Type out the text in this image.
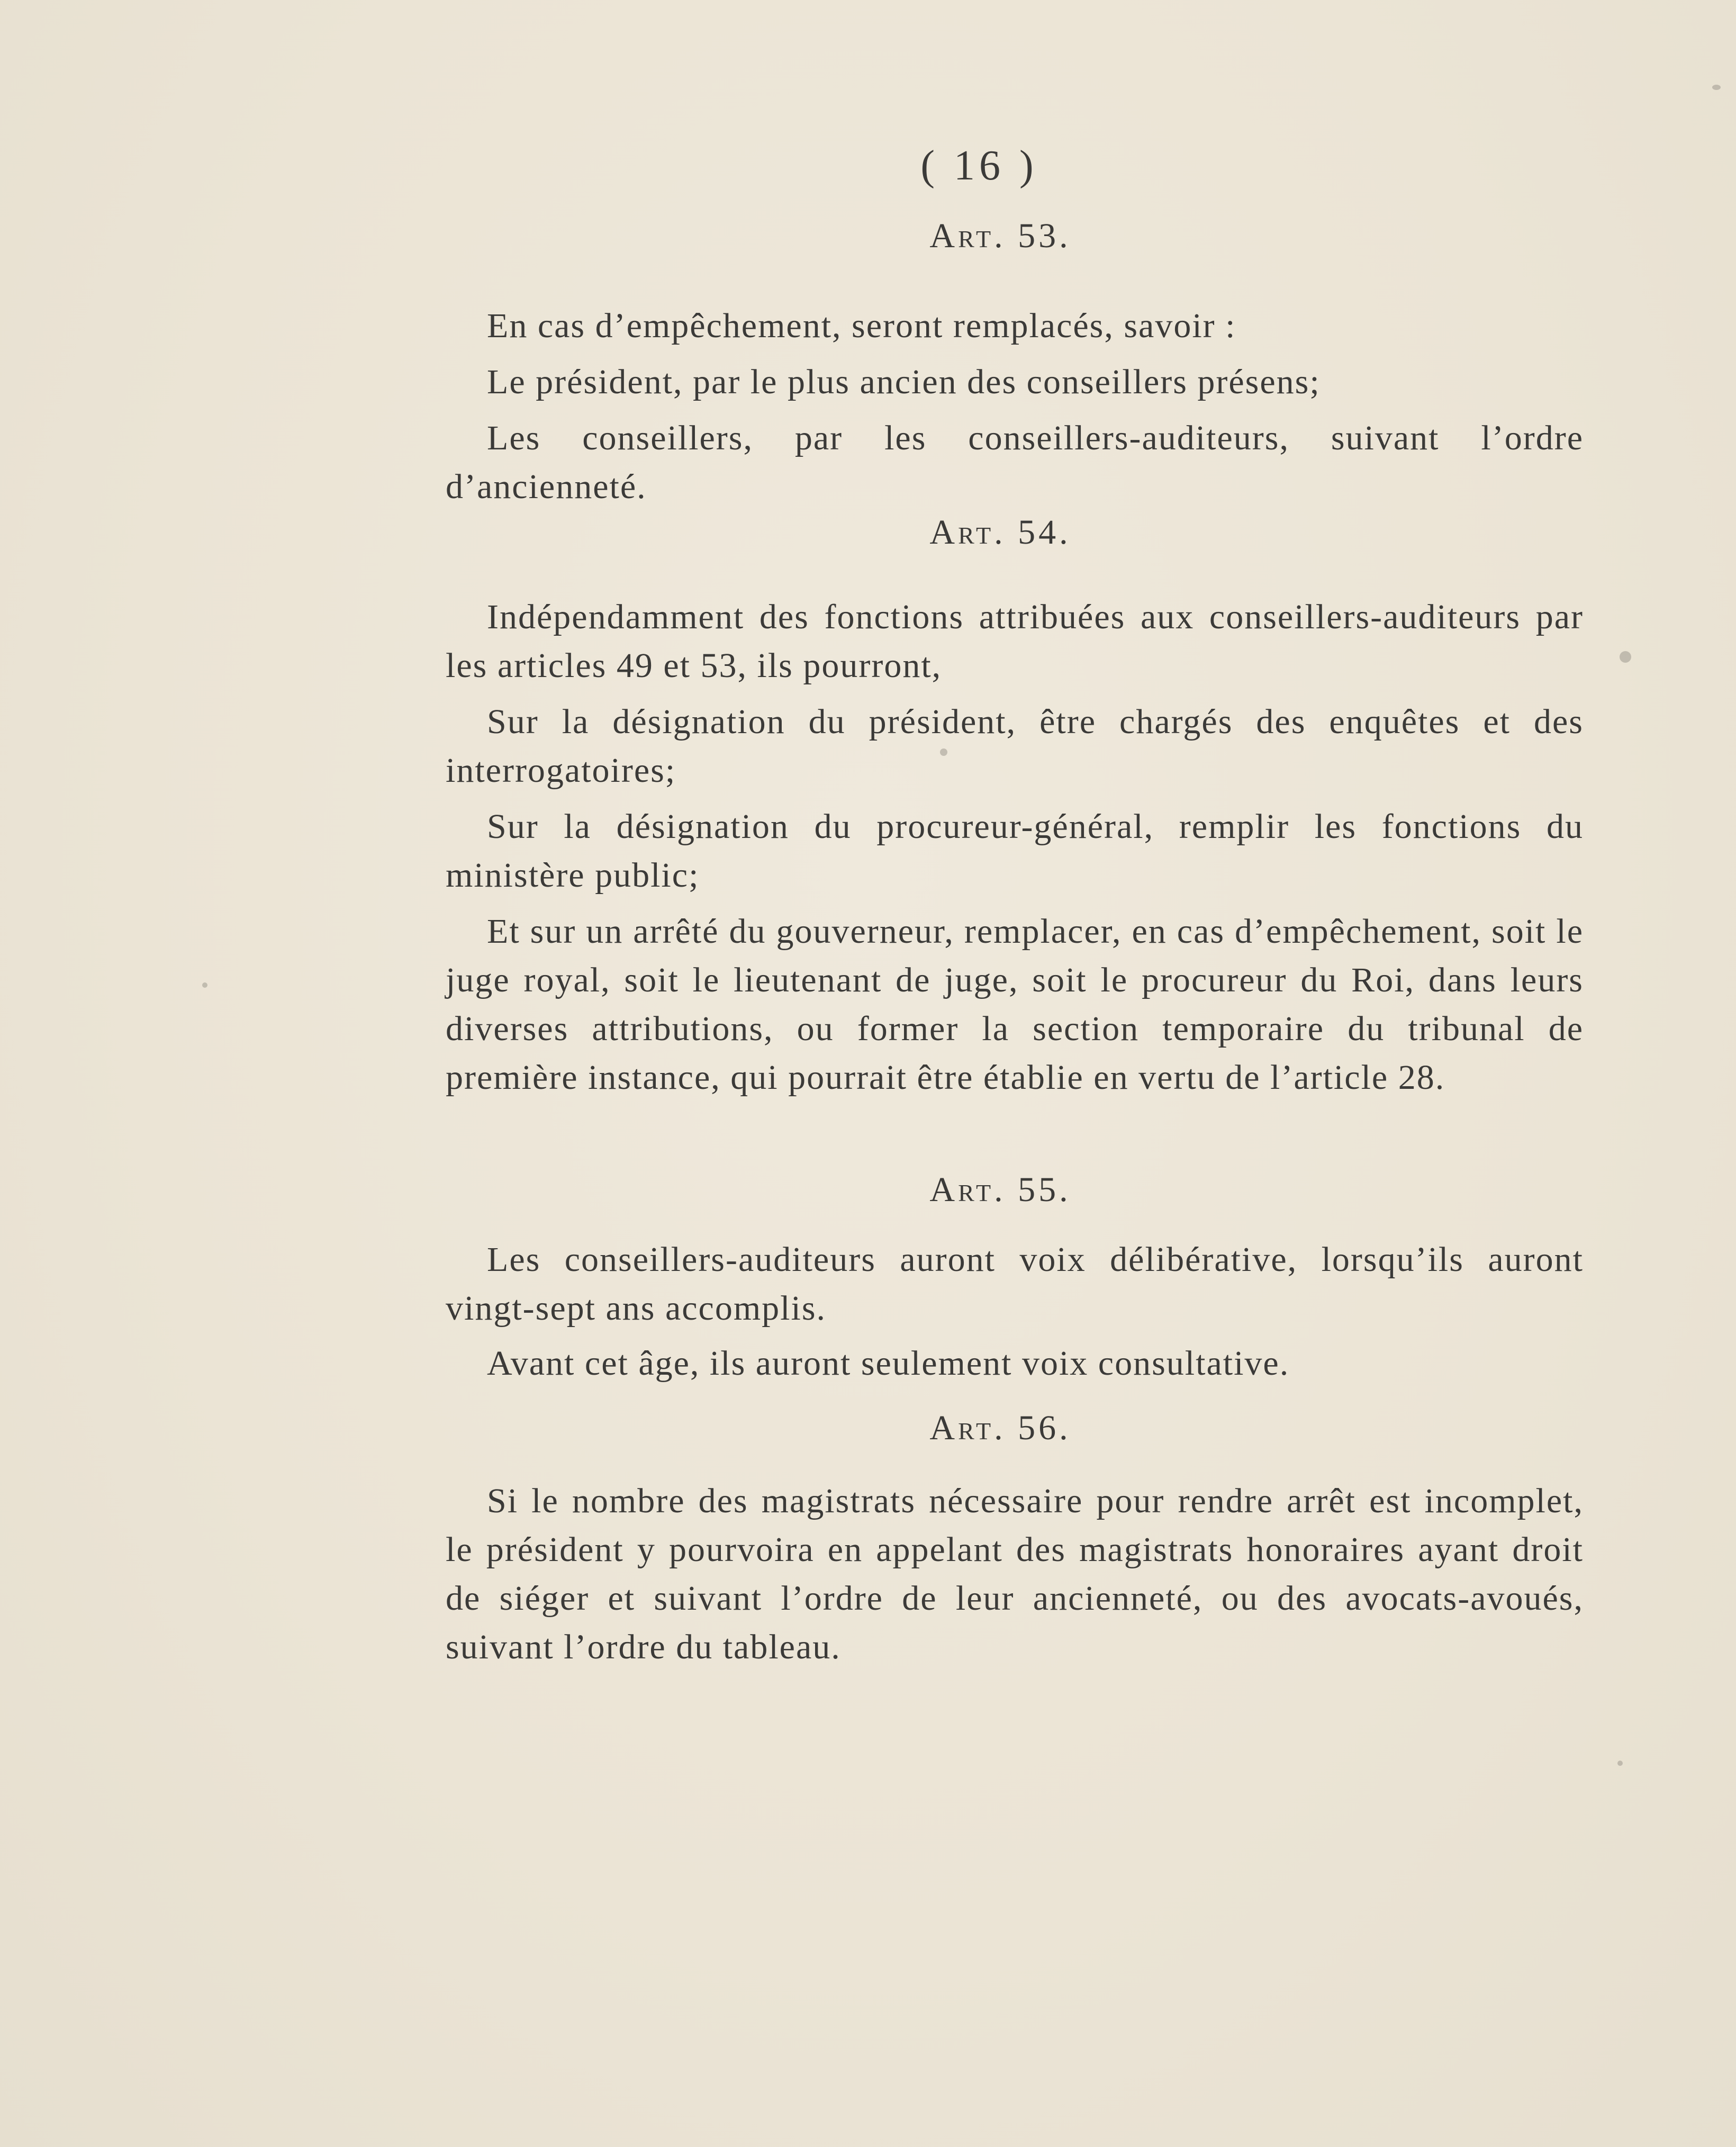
( 16 )
Art. 53.

En cas d’empêchement, seront remplacés, savoir :

Le président, par le plus ancien des conseillers présens;

Les conseillers, par les conseillers-auditeurs, suivant l’ordre d’ancienneté.

Art. 54.

Indépendamment des fonctions attribuées aux conseillers-auditeurs par les articles 49 et 53, ils pourront,

Sur la désignation du président, être chargés des enquêtes et des interrogatoires;

Sur la désignation du procureur-général, remplir les fonctions du ministère public;

Et sur un arrêté du gouverneur, remplacer, en cas d’empêchement, soit le juge royal, soit le lieutenant de juge, soit le procureur du Roi, dans leurs diverses attributions, ou former la section temporaire du tribunal de première instance, qui pourrait être établie en vertu de l’article 28.

Art. 55.

Les conseillers-auditeurs auront voix délibérative, lorsqu’ils auront vingt-sept ans accomplis.

Avant cet âge, ils auront seulement voix consultative.

Art. 56.

Si le nombre des magistrats nécessaire pour rendre arrêt est incomplet, le président y pourvoira en appelant des magistrats honoraires ayant droit de siéger et suivant l’ordre de leur ancienneté, ou des avocats-avoués, suivant l’ordre du tableau.
